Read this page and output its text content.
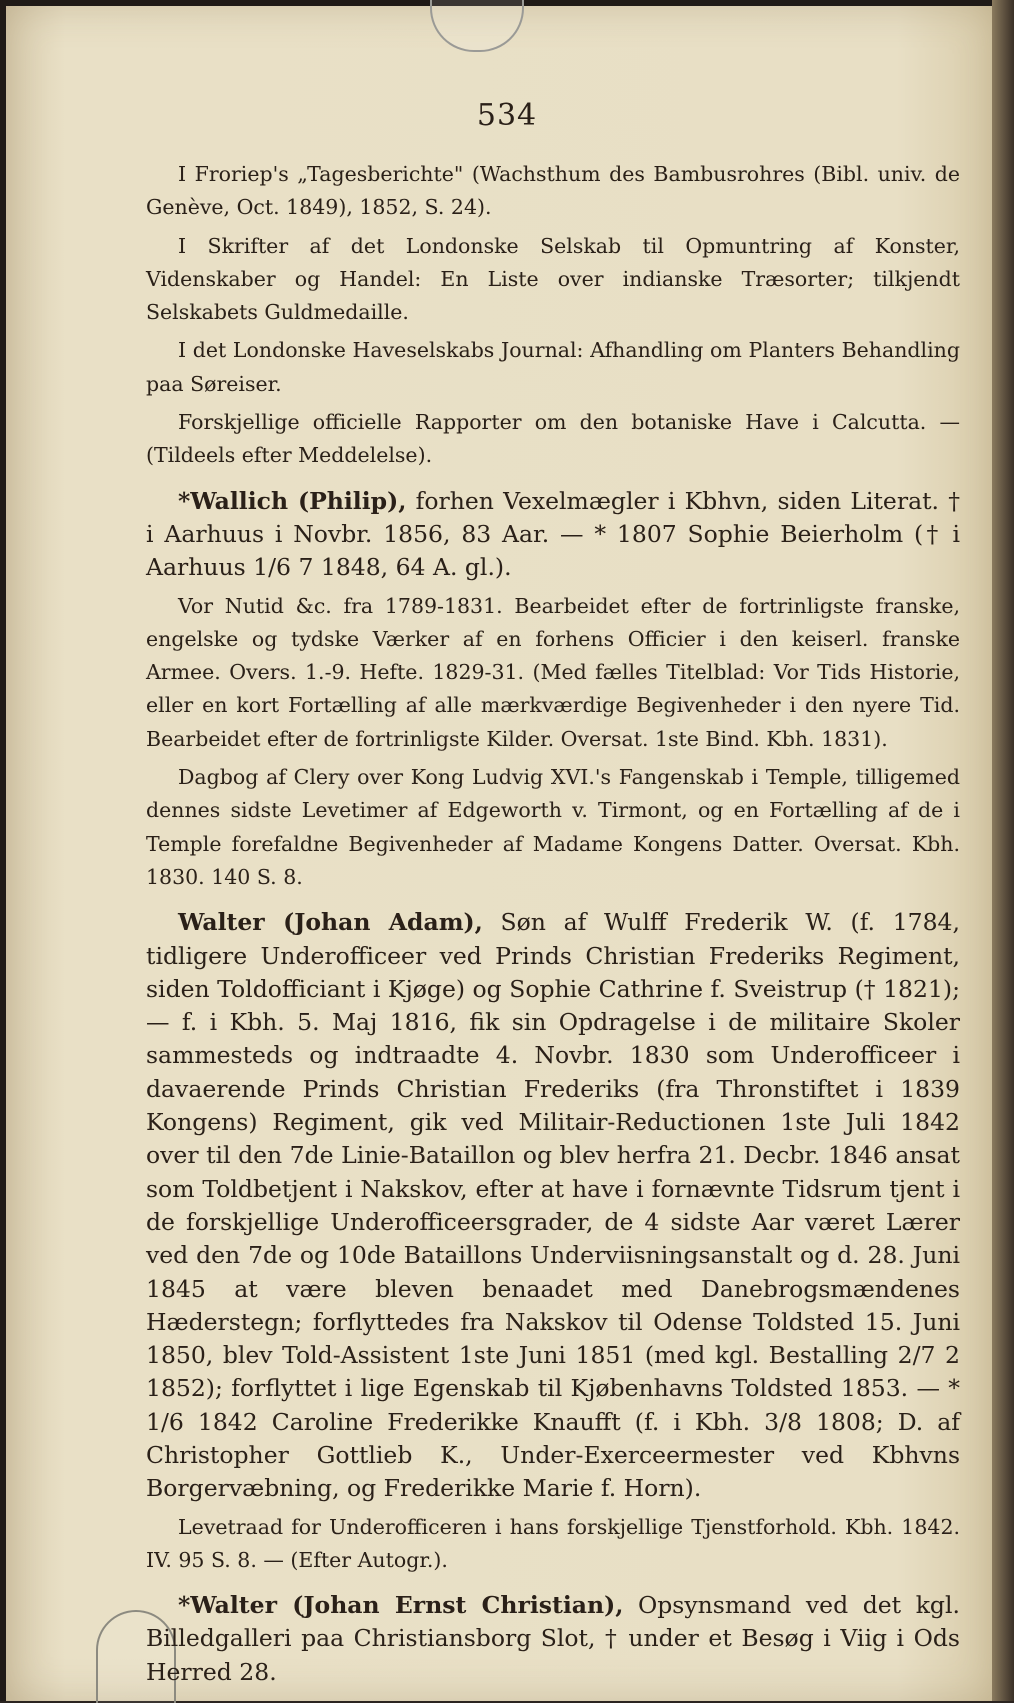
534

I Froriep's „Tagesberichte" (Wachsthum des Bambusrohres (Bibl. univ. de Genève, Oct. 1849), 1852, S. 24).

I Skrifter af det Londonske Selskab til Opmuntring af Konster, Videnskaber og Handel: En Liste over indianske Træsorter; tilkjendt Selskabets Guldmedaille.

I det Londonske Haveselskabs Journal: Afhandling om Planters Behandling paa Søreiser.

Forskjellige officielle Rapporter om den botaniske Have i Calcutta. — (Tildeels efter Meddelelse).

*Wallich (Philip), forhen Vexelmægler i Kbhvn, siden Literat. † i Aarhuus i Novbr. 1856, 83 Aar. — * 1807 Sophie Beierholm († i Aarhuus 1/6 7 1848, 64 A. gl.).

Vor Nutid &c. fra 1789-1831. Bearbeidet efter de fortrinligste franske, engelske og tydske Værker af en forhens Officier i den keiserl. franske Armee. Overs. 1.-9. Hefte. 1829-31. (Med fælles Titelblad: Vor Tids Historie, eller en kort Fortælling af alle mærkværdige Begivenheder i den nyere Tid. Bearbeidet efter de fortrinligste Kilder. Oversat. 1ste Bind. Kbh. 1831).

Dagbog af Clery over Kong Ludvig XVI.'s Fangenskab i Temple, tilligemed dennes sidste Levetimer af Edgeworth v. Tirmont, og en Fortælling af de i Temple forefaldne Begivenheder af Madame Kongens Datter. Oversat. Kbh. 1830. 140 S. 8.

Walter (Johan Adam), Søn af Wulff Frederik W. (f. 1784, tidligere Underofficeer ved Prinds Christian Frederiks Regiment, siden Toldofficiant i Kjøge) og Sophie Cathrine f. Sveistrup († 1821); — f. i Kbh. 5. Maj 1816, fik sin Opdragelse i de militaire Skoler sammesteds og indtraadte 4. Novbr. 1830 som Underofficeer i davaerende Prinds Christian Frederiks (fra Thronstiftet i 1839 Kongens) Regiment, gik ved Militair-Reductionen 1ste Juli 1842 over til den 7de Linie-Bataillon og blev herfra 21. Decbr. 1846 ansat som Toldbetjent i Nakskov, efter at have i fornævnte Tidsrum tjent i de forskjellige Underofficeersgrader, de 4 sidste Aar været Lærer ved den 7de og 10de Bataillons Underviisningsanstalt og d. 28. Juni 1845 at være bleven benaadet med Danebrogsmændenes Hæderstegn; forflyttedes fra Nakskov til Odense Toldsted 15. Juni 1850, blev Told-Assistent 1ste Juni 1851 (med kgl. Bestalling 2/7 2 1852); forflyttet i lige Egenskab til Kjøbenhavns Toldsted 1853. — * 1/6 1842 Caroline Frederikke Knaufft (f. i Kbh. 3/8 1808; D. af Christopher Gottlieb K., Under-Exerceermester ved Kbhvns Borgervæbning, og Frederikke Marie f. Horn).

Levetraad for Underofficeren i hans forskjellige Tjenstforhold. Kbh. 1842. IV. 95 S. 8. — (Efter Autogr.).

*Walter (Johan Ernst Christian), Opsynsmand ved det kgl. Billedgalleri paa Christiansborg Slot, † under et Besøg i Viig i Ods Herred 28.
